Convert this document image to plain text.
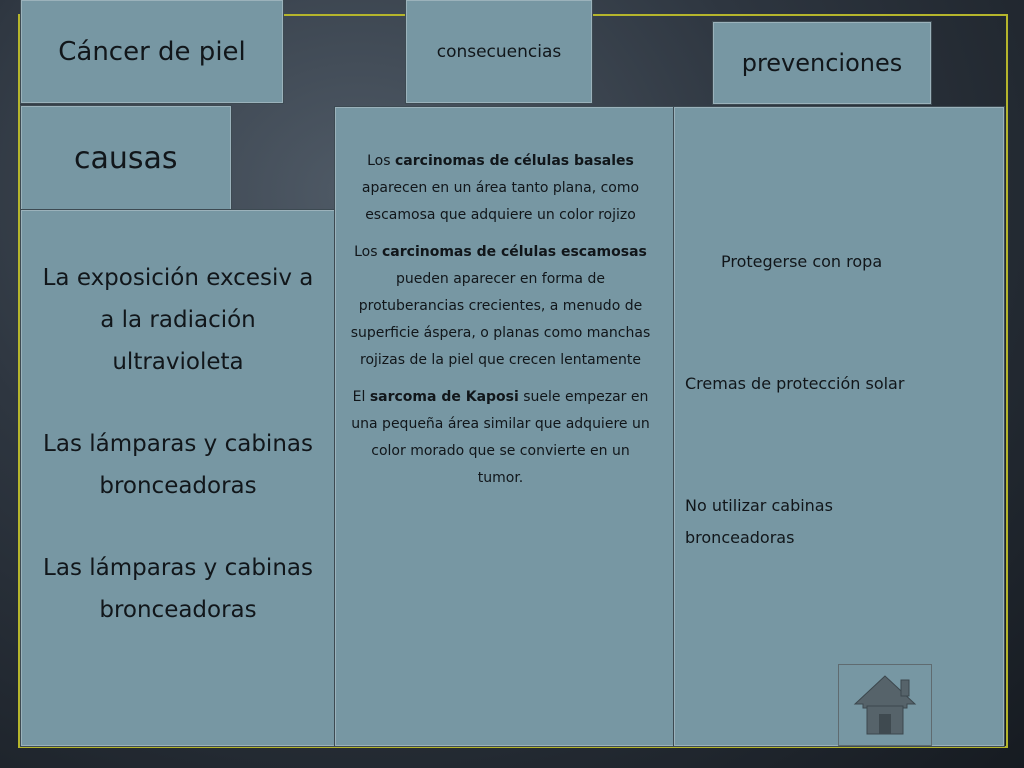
Cáncer de piel	consecuencias	prevenciones
causas

La exposición excesiv a a la radiación ultravioleta

Las lámparas y cabinas bronceadoras

Las lámparas y cabinas bronceadoras

Los carcinomas de células basales aparecen en un área tanto plana, como escamosa que adquiere un color rojizo

Los carcinomas de células escamosas pueden aparecer en forma de protuberancias crecientes, a menudo de superficie áspera, o planas como manchas rojizas de la piel que crecen lentamente

El sarcoma de Kaposi suele empezar en una pequeña área similar que adquiere un color morado que se convierte en un tumor.

Protegerse con ropa
Cremas de protección solar
No utilizar cabinas bronceadoras
